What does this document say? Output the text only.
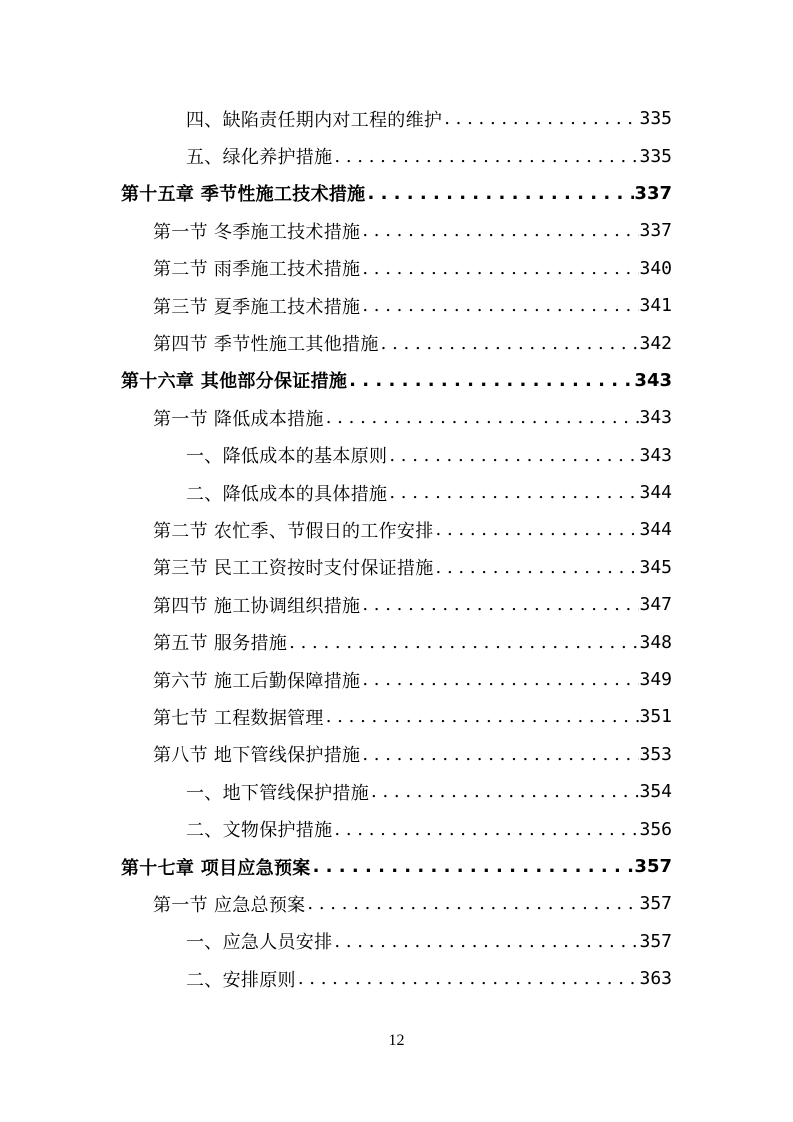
四、缺陷责任期内对工程的维护 . . .	335
五、绿化养护措施 . . .	335
第十五章 季节性施工技术措施 . . .	337
第一节 冬季施工技术措施 . . .	337
第二节 雨季施工技术措施 . . .	340
第三节 夏季施工技术措施 . . .	341
第四节 季节性施工其他措施 . . .	342
第十六章 其他部分保证措施 . . .	343
第一节 降低成本措施 . . .	343
一、降低成本的基本原则 . . .	343
二、降低成本的具体措施 . . .	344
第二节 农忙季、节假日的工作安排 . . .	344
第三节 民工工资按时支付保证措施 . . .	345
第四节 施工协调组织措施 . . .	347
第五节 服务措施 . . .	348
第六节 施工后勤保障措施 . . .	349
第七节 工程数据管理 . . .	351
第八节 地下管线保护措施 . . .	353
一、地下管线保护措施 . . .	354
二、文物保护措施 . . .	356
第十七章 项目应急预案 . . .	357
第一节 应急总预案 . . .	357
一、应急人员安排 . . .	357
二、安排原则 . . .	363
12
